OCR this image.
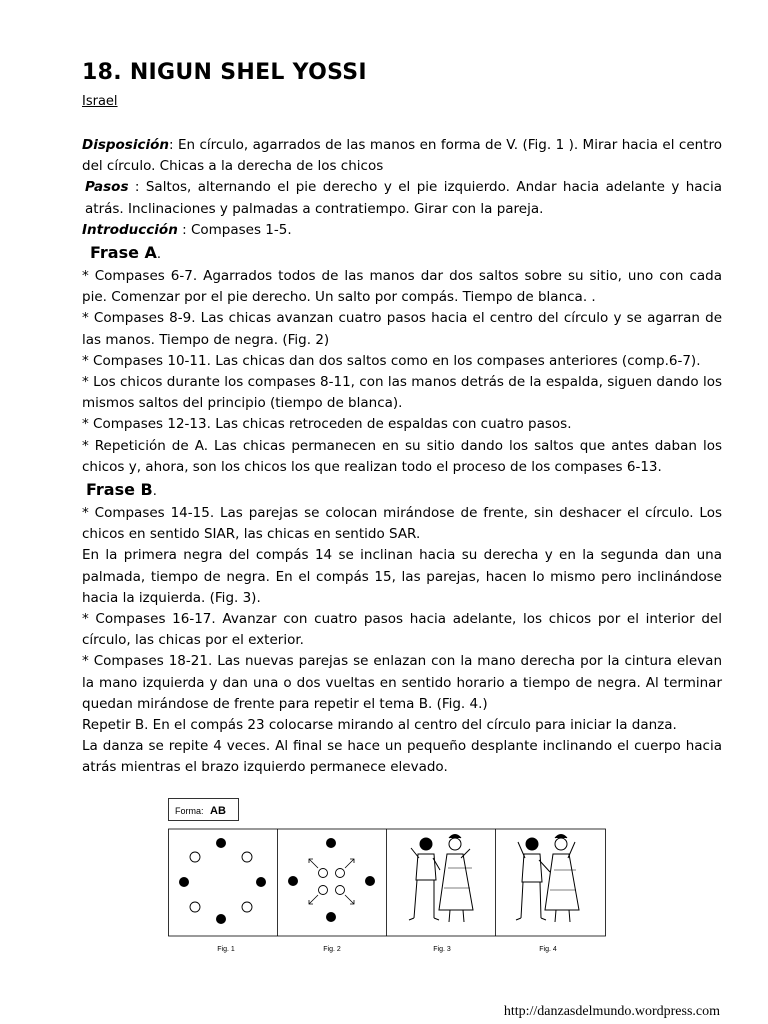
18. NIGUN SHEL YOSSI
Israel

Disposición: En círculo, agarrados de las manos en forma de V. (Fig. 1 ). Mirar hacia el centro del círculo. Chicas a la derecha de los chicos

Pasos : Saltos, alternando el pie derecho y el pie izquierdo. Andar hacia adelante y hacia atrás. Inclinaciones y palmadas a contratiempo. Girar con la pareja.

Introducción : Compases 1-5.

Frase A.

* Compases 6-7. Agarrados todos de las manos dar dos saltos sobre su sitio, uno con cada pie. Comenzar por el pie derecho. Un salto por compás. Tiempo de blanca. .

* Compases 8-9. Las chicas avanzan cuatro pasos hacia el centro del círculo y se agarran de las manos. Tiempo de negra. (Fig. 2)

* Compases 10-11. Las chicas dan dos saltos como en los compases anteriores (comp.6-7).

* Los chicos durante los compases 8-11, con las manos detrás de la espalda, siguen dando los mismos saltos del principio (tiempo de blanca).

* Compases 12-13. Las chicas retroceden de espaldas con cuatro pasos.

* Repetición de A. Las chicas permanecen en su sitio dando los saltos que antes daban los chicos y, ahora, son los chicos los que realizan todo el proceso de los compases 6-13.

Frase B.

* Compases 14-15. Las parejas se colocan mirándose de frente, sin deshacer el círculo. Los chicos en sentido SIAR, las chicas en sentido SAR.

En la primera negra del compás 14 se inclinan hacia su derecha y en la segunda dan una palmada, tiempo de negra. En el compás 15, las parejas, hacen lo mismo pero inclinándose hacia la izquierda. (Fig. 3).

* Compases 16-17. Avanzar con cuatro pasos hacia adelante, los chicos por el interior del círculo, las chicas por el exterior.

* Compases 18-21. Las nuevas parejas se enlazan con la mano derecha por la cintura elevan la mano izquierda y dan una o dos vueltas en sentido horario a tiempo de negra. Al terminar quedan mirándose de frente para repetir el tema B. (Fig. 4.)

Repetir B. En el compás 23 colocarse mirando al centro del círculo para iniciar la danza.

La danza se repite 4 veces. Al final se hace un pequeño desplante inclinando el cuerpo hacia atrás mientras el brazo izquierdo permanece elevado.

Forma: AB
Fig. 1	Fig. 2	Fig. 3	Fig. 4
http://danzasdelmundo.wordpress.com
